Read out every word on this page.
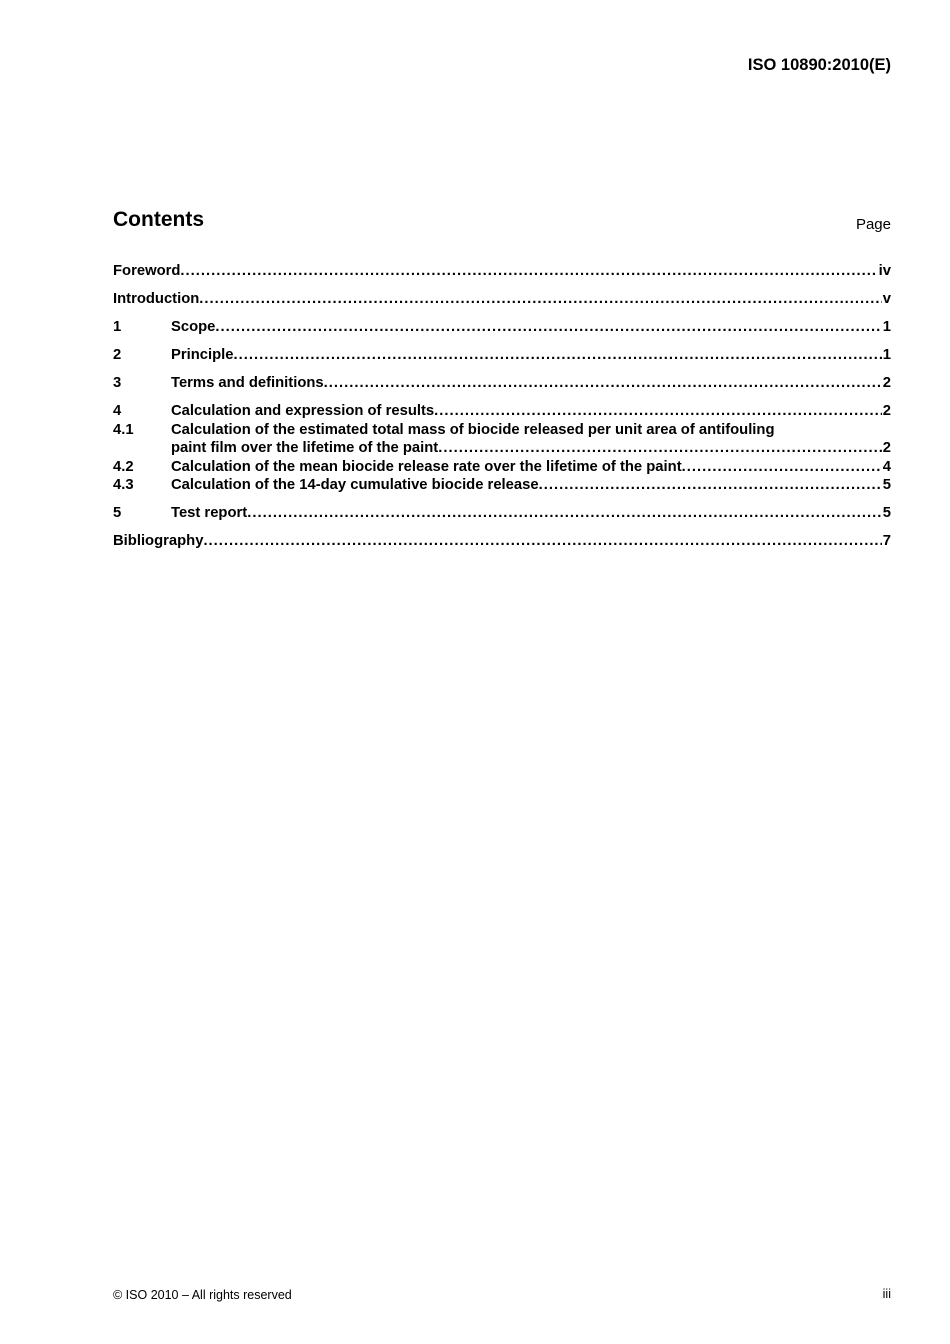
ISO 10890:2010(E)
Contents	Page
Foreword . . .	iv
Introduction . . .	v
1	Scope . . .	1
2	Principle . . .	1
3	Terms and definitions . . .	2
4	Calculation and expression of results . . .	2
4.1	Calculation of the estimated total mass of biocide released per unit area of antifouling
paint film over the lifetime of the paint . . .	2
4.2	Calculation of the mean biocide release rate over the lifetime of the paint . . .	4
4.3	Calculation of the 14-day cumulative biocide release . . .	5
5	Test report . . .	5
Bibliography . . .	7
© ISO 2010 – All rights reserved	iii
